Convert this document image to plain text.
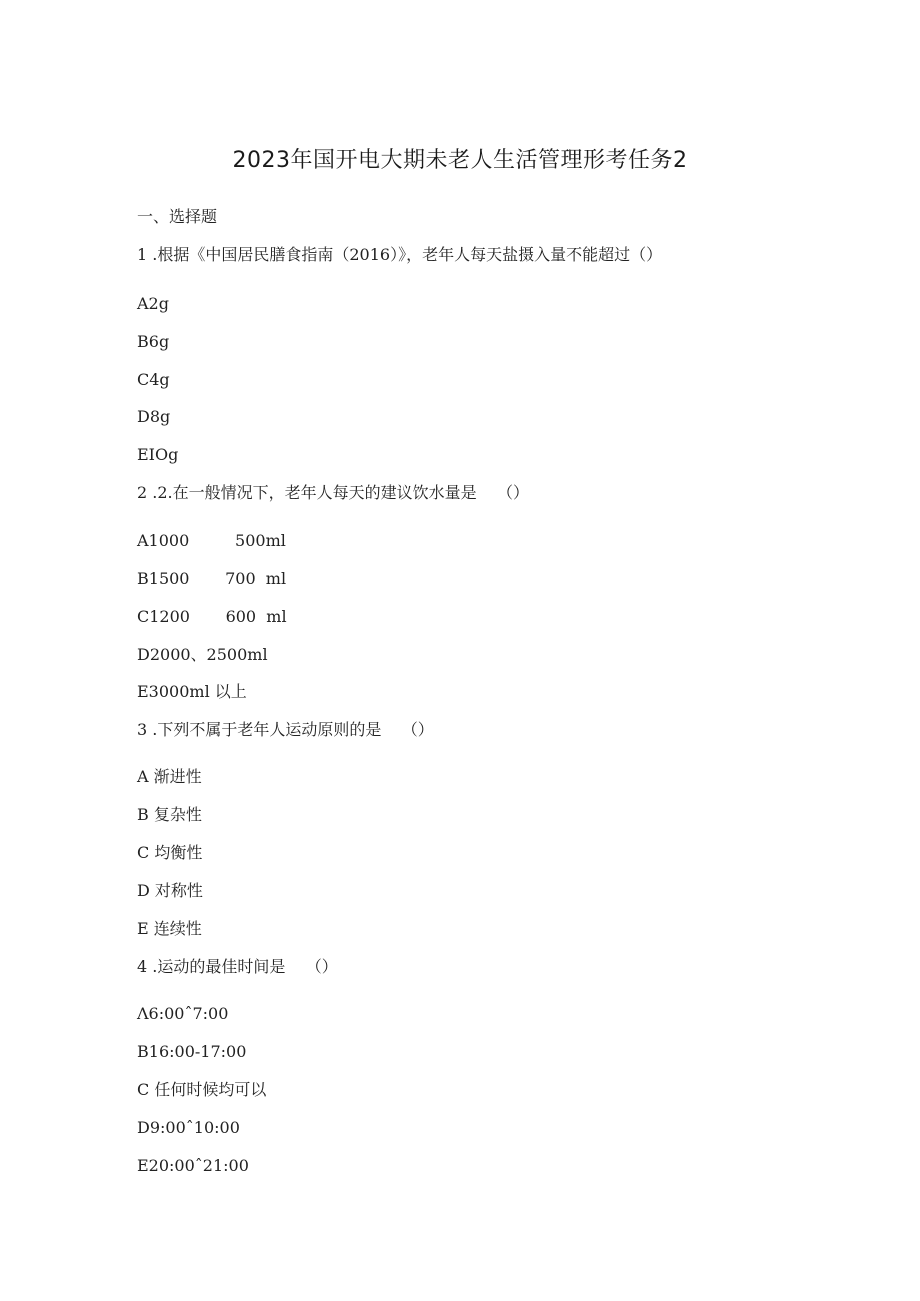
2023年国开电大期未老人生活管理形考任务2
一、选择题
1 .根据《中国居民膳食指南（2016）》，老年人每天盐摄入量不能超过（）
A2g
B6g
C4g
D8g
EIOg
2 .2.在一般情况下，老年人每天的建议饮水量是    （）
A1000         500ml
B1500       700  ml
C1200       600  ml
D2000、2500ml
E3000ml 以上
3 .下列不属于老年人运动原则的是    （）
A 渐进性
B 复杂性
C 均衡性
D 对称性
E 连续性
4 .运动的最佳时间是    （）
Λ6:00ˆ7:00
B16:00-17:00
C 任何时候均可以
D9:00ˆ10:00
E20:00ˆ21:00
